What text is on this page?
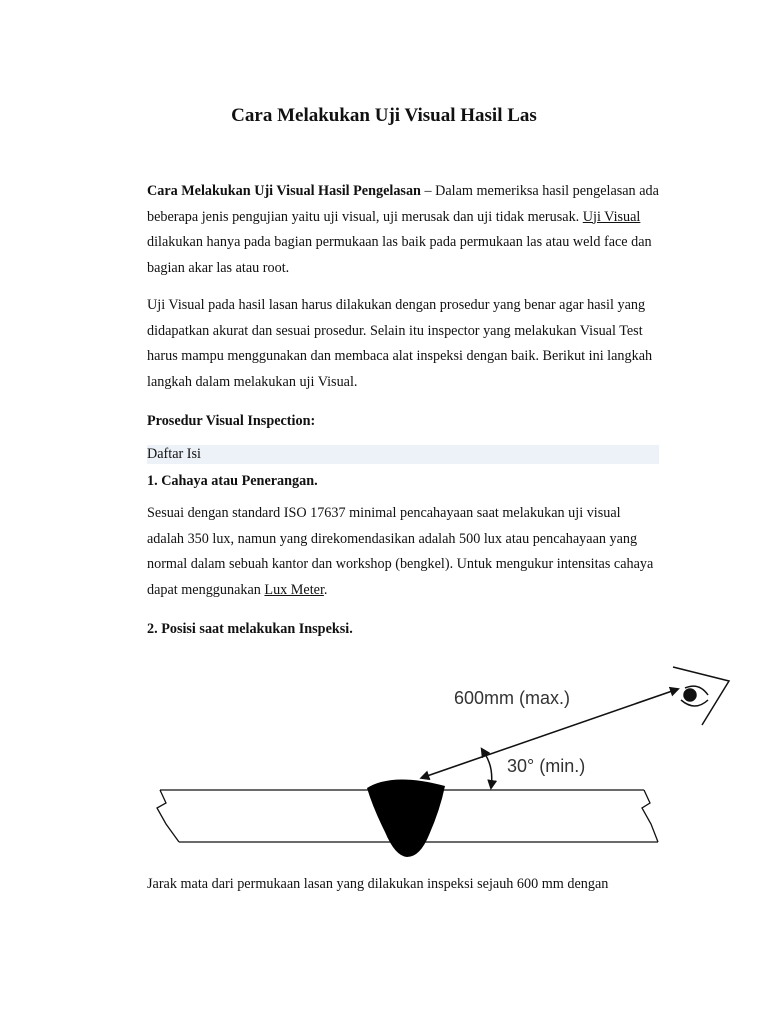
Cara Melakukan Uji Visual Hasil Las

Cara Melakukan Uji Visual Hasil Pengelasan – Dalam memeriksa hasil pengelasan ada beberapa jenis pengujian yaitu uji visual, uji merusak dan uji tidak merusak. Uji Visual dilakukan hanya pada bagian permukaan las baik pada permukaan las atau weld face dan bagian akar las atau root.

Uji Visual pada hasil lasan harus dilakukan dengan prosedur yang benar agar hasil yang didapatkan akurat dan sesuai prosedur. Selain itu inspector yang melakukan Visual Test harus mampu menggunakan dan membaca alat inspeksi dengan baik. Berikut ini langkah langkah dalam melakukan uji Visual.

Prosedur Visual Inspection:
Daftar Isi
1. Cahaya atau Penerangan.

Sesuai dengan standard ISO 17637 minimal pencahayaan saat melakukan uji visual adalah 350 lux, namun yang direkomendasikan adalah 500 lux atau pencahayaan yang normal dalam sebuah kantor dan workshop (bengkel). Untuk mengukur intensitas cahaya dapat menggunakan Lux Meter.

2. Posisi saat melakukan Inspeksi.

Jarak mata dari permukaan lasan yang dilakukan inspeksi sejauh 600 mm dengan

600mm (max.)
30° (min.)
